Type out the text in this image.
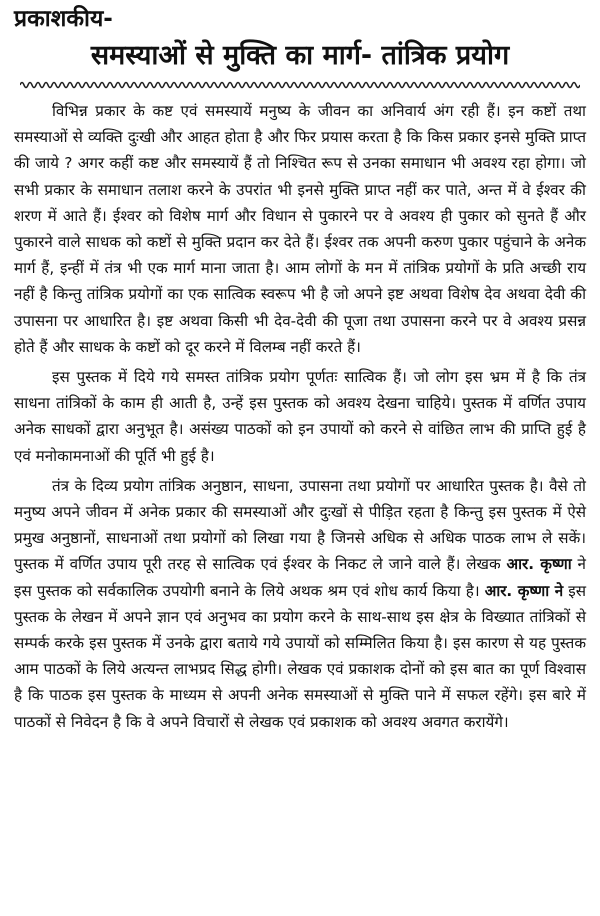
प्रकाशकीय-
समस्याओं से मुक्ति का मार्ग- तांत्रिक प्रयोग

विभिन्न प्रकार के कष्ट एवं समस्यायें मनुष्य के जीवन का अनिवार्य अंग रही हैं। इन कष्टों तथा समस्याओं से व्यक्ति दुःखी और आहत होता है और फिर प्रयास करता है कि किस प्रकार इनसे मुक्ति प्राप्त की जाये ? अगर कहीं कष्ट और समस्यायें हैं तो निश्चित रूप से उनका समाधान भी अवश्य रहा होगा। जो सभी प्रकार के समाधान तलाश करने के उपरांत भी इनसे मुक्ति प्राप्त नहीं कर पाते, अन्त में वे ईश्वर की शरण में आते हैं। ईश्वर को विशेष मार्ग और विधान से पुकारने पर वे अवश्य ही पुकार को सुनते हैं और पुकारने वाले साधक को कष्टों से मुक्ति प्रदान कर देते हैं। ईश्वर तक अपनी करुण पुकार पहुंचाने के अनेक मार्ग हैं, इन्हीं में तंत्र भी एक मार्ग माना जाता है। आम लोगों के मन में तांत्रिक प्रयोगों के प्रति अच्छी राय नहीं है किन्तु तांत्रिक प्रयोगों का एक सात्विक स्वरूप भी है जो अपने इष्ट अथवा विशेष देव अथवा देवी की उपासना पर आधारित है। इष्ट अथवा किसी भी देव-देवी की पूजा तथा उपासना करने पर वे अवश्य प्रसन्न होते हैं और साधक के कष्टों को दूर करने में विलम्ब नहीं करते हैं।

इस पुस्तक में दिये गये समस्त तांत्रिक प्रयोग पूर्णतः सात्विक हैं। जो लोग इस भ्रम में है कि तंत्र साधना तांत्रिकों के काम ही आती है, उन्हें इस पुस्तक को अवश्य देखना चाहिये। पुस्तक में वर्णित उपाय अनेक साधकों द्वारा अनुभूत है। असंख्य पाठकों को इन उपायों को करने से वांछित लाभ की प्राप्ति हुई है एवं मनोकामनाओं की पूर्ति भी हुई है।

तंत्र के दिव्य प्रयोग तांत्रिक अनुष्ठान, साधना, उपासना तथा प्रयोगों पर आधारित पुस्तक है। वैसे तो मनुष्य अपने जीवन में अनेक प्रकार की समस्याओं और दुःखों से पीड़ित रहता है किन्तु इस पुस्तक में ऐसे प्रमुख अनुष्ठानों, साधनाओं तथा प्रयोगों को लिखा गया है जिनसे अधिक से अधिक पाठक लाभ ले सकें। पुस्तक में वर्णित उपाय पूरी तरह से सात्विक एवं ईश्वर के निकट ले जाने वाले हैं। लेखक आर. कृष्णा ने इस पुस्तक को सर्वकालिक उपयोगी बनाने के लिये अथक श्रम एवं शोध कार्य किया है। आर. कृष्णा ने इस पुस्तक के लेखन में अपने ज्ञान एवं अनुभव का प्रयोग करने के साथ-साथ इस क्षेत्र के विख्यात तांत्रिकों से सम्पर्क करके इस पुस्तक में उनके द्वारा बताये गये उपायों को सम्मिलित किया है। इस कारण से यह पुस्तक आम पाठकों के लिये अत्यन्त लाभप्रद सिद्ध होगी। लेखक एवं प्रकाशक दोनों को इस बात का पूर्ण विश्वास है कि पाठक इस पुस्तक के माध्यम से अपनी अनेक समस्याओं से मुक्ति पाने में सफल रहेंगे। इस बारे में पाठकों से निवेदन है कि वे अपने विचारों से लेखक एवं प्रकाशक को अवश्य अवगत करायेंगे।
